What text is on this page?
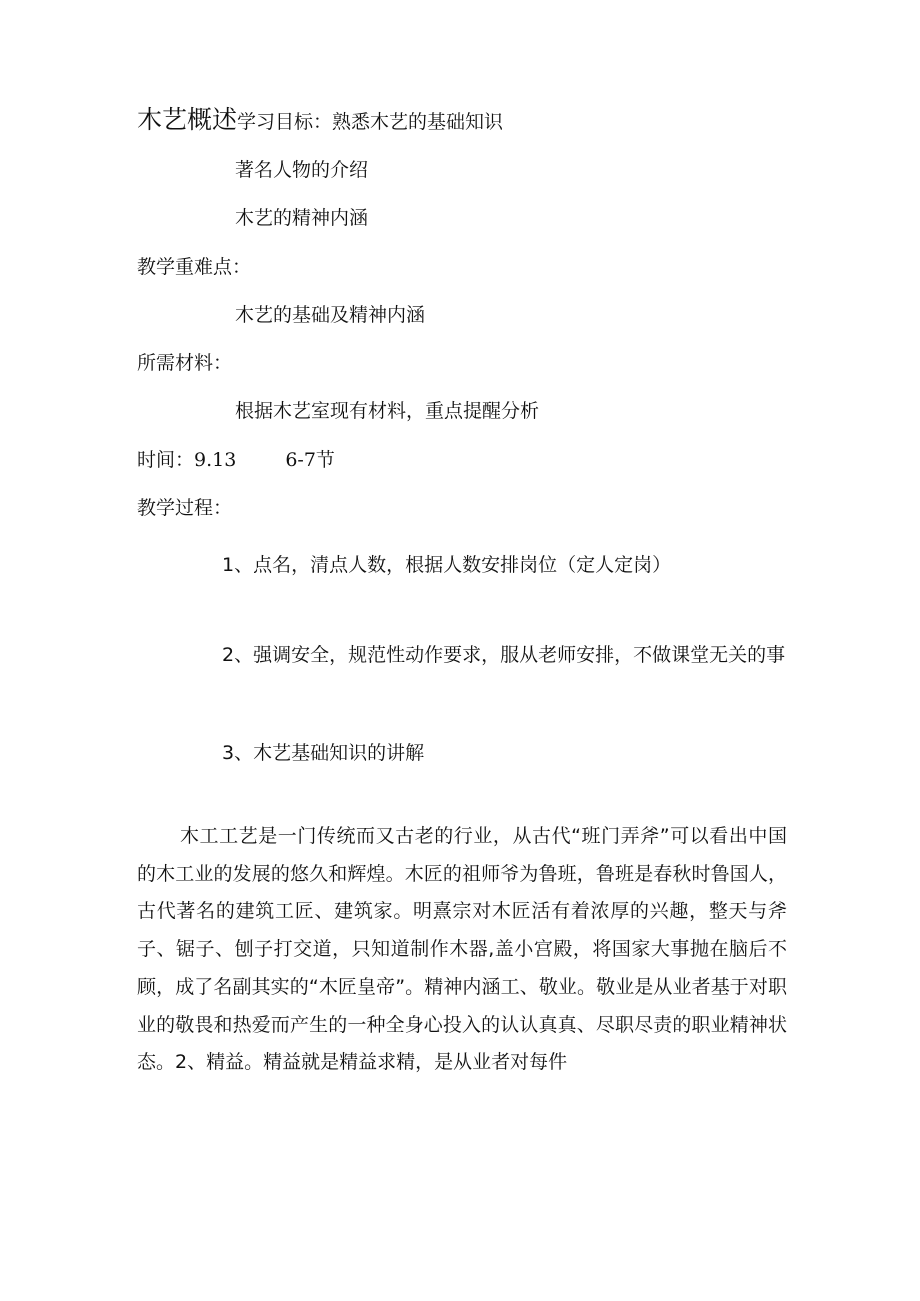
木艺概述学习目标：熟悉木艺的基础知识
著名人物的介绍
木艺的精神内涵
教学重难点：
木艺的基础及精神内涵
所需材料：
根据木艺室现有材料，重点提醒分析
时间：9.13	6-7节
教学过程：
1、点名，清点人数，根据人数安排岗位（定人定岗）
2、强调安全，规范性动作要求，服从老师安排，不做课堂无关的事
3、木艺基础知识的讲解
木工工艺是一门传统而又古老的行业，从古代“班门弄斧”可以看出中国的木工业的发展的悠久和辉煌。木匠的祖师爷为鲁班，鲁班是春秋时鲁国人，古代著名的建筑工匠、建筑家。明熹宗对木匠活有着浓厚的兴趣，整天与斧子、锯子、刨子打交道，只知道制作木器,盖小宫殿，将国家大事抛在脑后不顾，成了名副其实的“木匠皇帝”。精神内涵工、敬业。敬业是从业者基于对职业的敬畏和热爱而产生的一种全身心投入的认认真真、尽职尽责的职业精神状态。2、精益。精益就是精益求精，是从业者对每件
